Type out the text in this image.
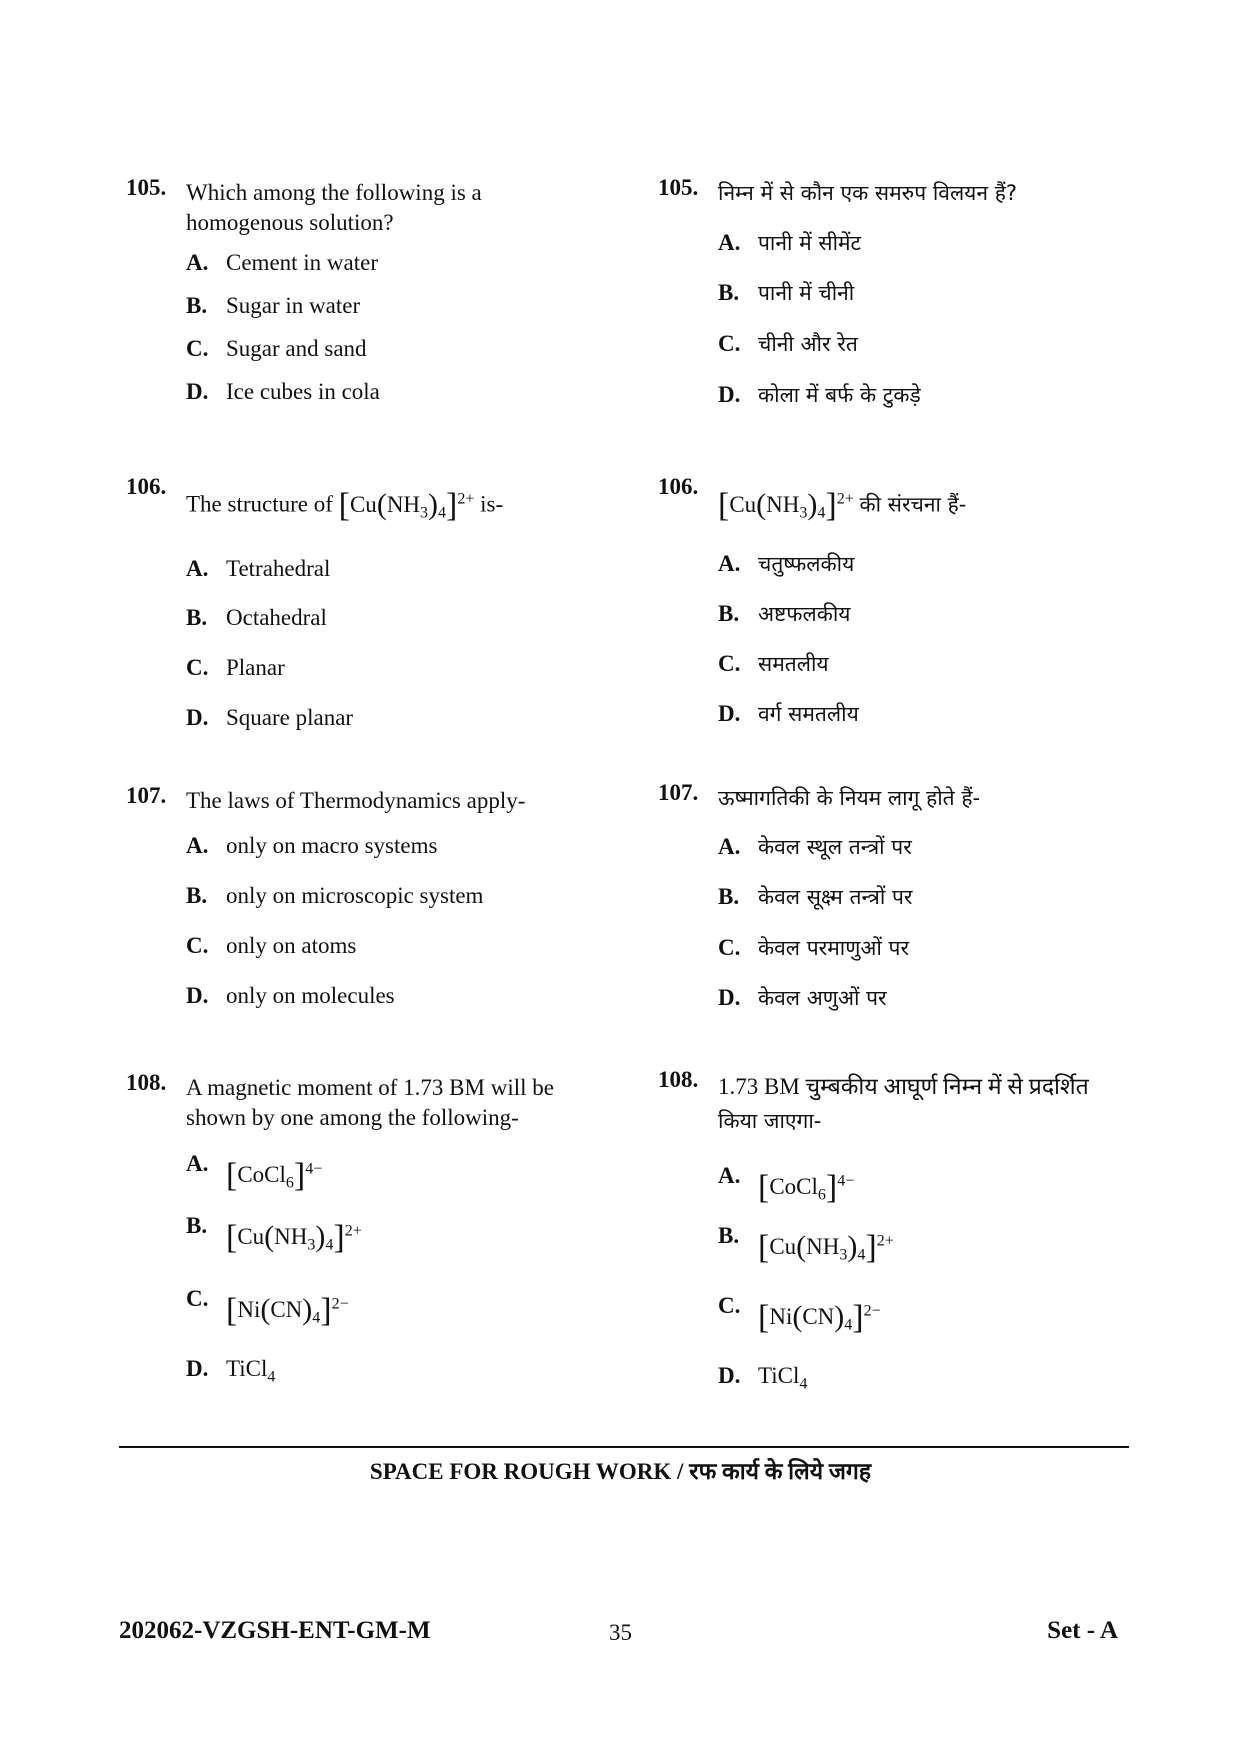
105. Which among the following is a
homogenous solution?
A. Cement in water
B. Sugar in water
C. Sugar and sand
D. Ice cubes in cola
106.
The structure of $[Cu(NH_3)_4]^{2+}$ is-
A. Tetrahedral
B. Octahedral
C. Planar
D. Square planar
107. The laws of Thermodynamics apply-
A. only on macro systems
B. only on microscopic system
C. only on atoms
D. only on molecules
108. A magnetic moment of 1.73 BM will be
shown by one among the following-
A. [CoCl$_6$]$^{4-}$
B. $[Cu(NH_3)_4]^{2+}$
C. $[Ni(CN)_4]^{2-}$
D. TiCl$_4$
105. निम्न में से कौन एक समरुप विलयन हैं?
A. पानी में सीमेंट
B. पानी में चीनी
C. चीनी और रेत
D. कोला में बर्फ के टुकड़े
106.
$[Cu(NH_3)_4]^{2+}$ की संरचना हैं-
A. चतुष्फलकीय
B. अष्टफलकीय
C. समतलीय
D. वर्ग समतलीय
107. ऊष्मागतिकी के नियम लागू होते हैं-
A. केवल स्थूल तन्त्रों पर
B. केवल सूक्ष्म तन्त्रों पर
C. केवल परमाणुओं पर
D. केवल अणुओं पर
108. 1.73 BM चुम्बकीय आघूर्ण निम्न में से प्रदर्शित
किया जाएगा-
A. [CoCl$_6$]$^{4-}$
B. $[Cu(NH_3)_4]^{2+}$
C. $[Ni(CN)_4]^{2-}$
D. TiCl$_4$
SPACE FOR ROUGH WORK / रफ कार्य के लिये जगह
202062-VZGSH-ENT-GM-M	35	Set - A
